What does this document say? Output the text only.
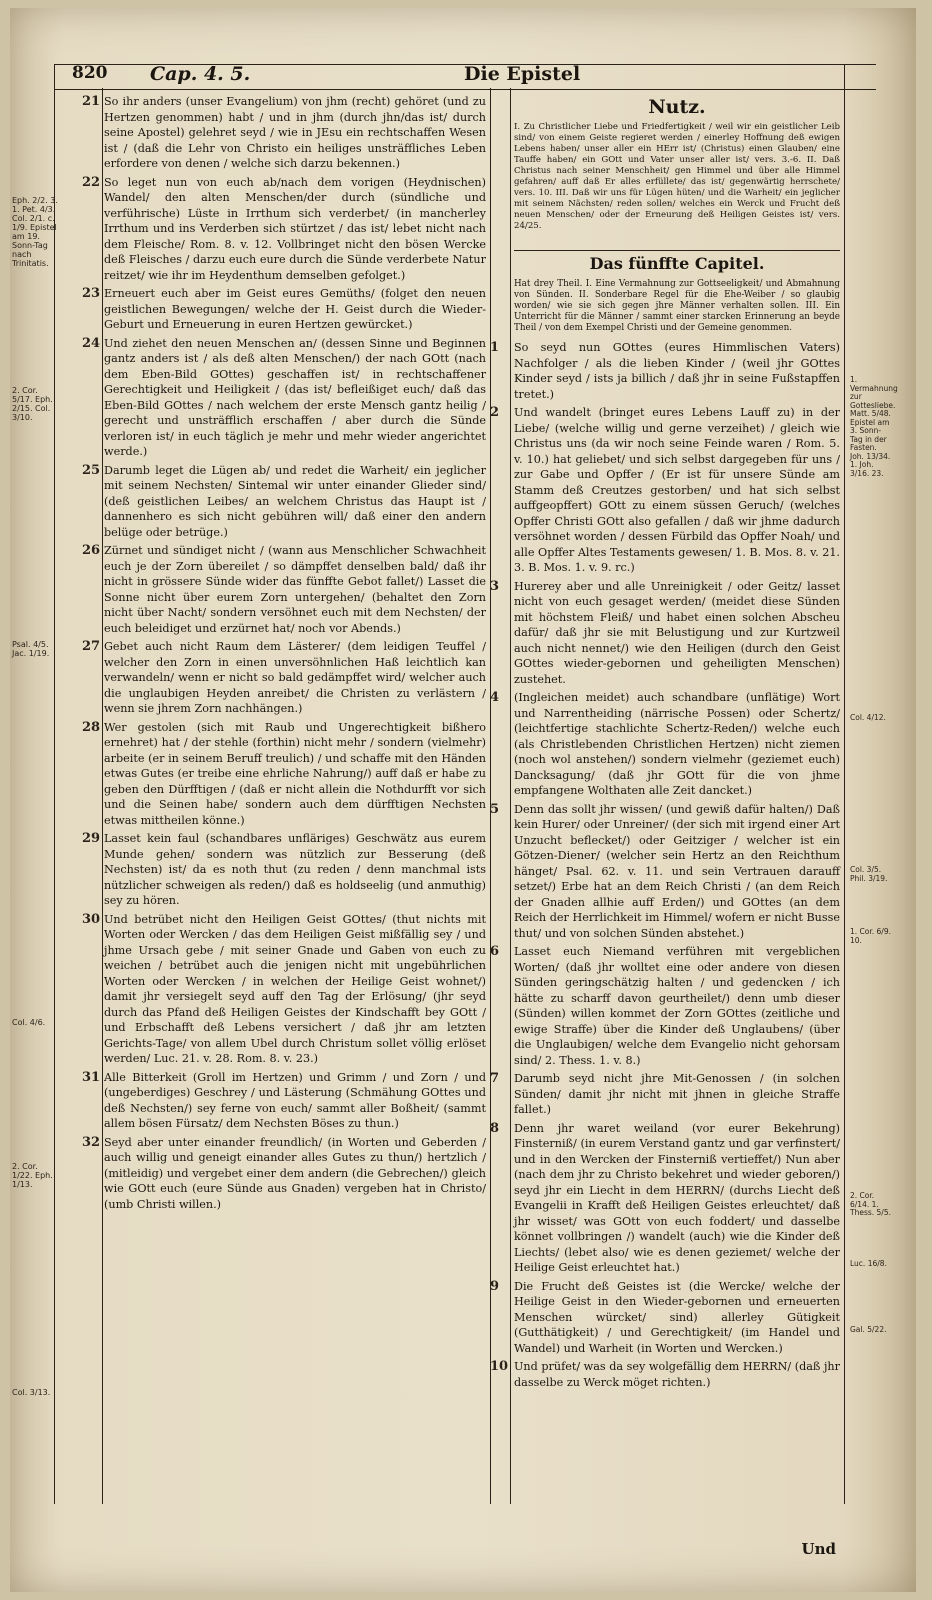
820 Cap. 4. 5.	Die Epistel
Eph. 2/2. 3. 1. Pet. 4/3. Col. 2/1. c. 1/9. Epistel am 19. Sonn-Tag nach Trinitatis.
2. Cor. 5/17. Eph. 2/15. Col. 3/10.
Psal. 4/5. Jac. 1/19.
Col. 4/6.
2. Cor. 1/22. Eph. 1/13.
Col. 3/13.
1. Vermahnung zur Gottesliebe. Matt. 5/48. Epistel am 3. Sonn-Tag in der Fasten. Joh. 13/34. 1. Joh. 3/16. 23.
Col. 4/12.
Col. 3/5. Phil. 3/19.
1. Cor. 6/9. 10.
2. Cor. 6/14. 1. Thess. 5/5.
Luc. 16/8.
Gal. 5/22.
21 So ihr anders (unser Evangelium) von jhm (recht) gehöret (und zu Hertzen genommen) habt / und in jhm (durch jhn/das ist/ durch seine Apostel) gelehret seyd / wie in JEsu ein rechtschaffen Wesen ist / (daß die Lehr von Christo ein heiliges unsträffliches Leben erfordere von denen / welche sich darzu bekennen.)
22 So leget nun von euch ab/nach dem vorigen (Heydnischen) Wandel/ den alten Menschen/der durch (sündliche und verführische) Lüste in Irrthum sich verderbet/ (in mancherley Irrthum und ins Verderben sich stürtzet / das ist/ lebet nicht nach dem Fleische/ Rom. 8. v. 12. Vollbringet nicht den bösen Wercke deß Fleisches / darzu euch eure durch die Sünde verderbete Natur reitzet/ wie ihr im Heydenthum demselben gefolget.)
23 Erneuert euch aber im Geist eures Gemüths/ (folget den neuen geistlichen Bewegungen/ welche der H. Geist durch die Wieder-Geburt und Erneuerung in euren Hertzen gewürcket.)
24 Und ziehet den neuen Menschen an/ (dessen Sinne und Beginnen gantz anders ist / als deß alten Menschen/) der nach GOtt (nach dem Eben-Bild GOttes) geschaffen ist/ in rechtschaffener Gerechtigkeit und Heiligkeit / (das ist/ befleißiget euch/ daß das Eben-Bild GOttes / nach welchem der erste Mensch gantz heilig / gerecht und unsträfflich erschaffen / aber durch die Sünde verloren ist/ in euch täglich je mehr und mehr wieder angerichtet werde.)
25 Darumb leget die Lügen ab/ und redet die Warheit/ ein jeglicher mit seinem Nechsten/ Sintemal wir unter einander Glieder sind/ (deß geistlichen Leibes/ an welchem Christus das Haupt ist / dannenhero es sich nicht gebühren will/ daß einer den andern belüge oder betrüge.)
26 Zürnet und sündiget nicht / (wann aus Menschlicher Schwachheit euch je der Zorn übereilet / so dämpffet denselben bald/ daß ihr nicht in grössere Sünde wider das fünffte Gebot fallet/) Lasset die Sonne nicht über eurem Zorn untergehen/ (behaltet den Zorn nicht über Nacht/ sondern versöhnet euch mit dem Nechsten/ der euch beleidiget und erzürnet hat/ noch vor Abends.)
27 Gebet auch nicht Raum dem Lästerer/ (dem leidigen Teuffel / welcher den Zorn in einen unversöhnlichen Haß leichtlich kan verwandeln/ wenn er nicht so bald gedämpffet wird/ welcher auch die unglaubigen Heyden anreibet/ die Christen zu verlästern / wenn sie jhrem Zorn nachhängen.)
28 Wer gestolen (sich mit Raub und Ungerechtigkeit bißhero ernehret) hat / der stehle (forthin) nicht mehr / sondern (vielmehr) arbeite (er in seinem Beruff treulich) / und schaffe mit den Händen etwas Gutes (er treibe eine ehrliche Nahrung/) auff daß er habe zu geben den Dürfftigen / (daß er nicht allein die Nothdurfft vor sich und die Seinen habe/ sondern auch dem dürfftigen Nechsten etwas mittheilen könne.)
29 Lasset kein faul (schandbares unfläriges) Geschwätz aus eurem Munde gehen/ sondern was nützlich zur Besserung (deß Nechsten) ist/ da es noth thut (zu reden / denn manchmal ists nützlicher schweigen als reden/) daß es holdseelig (und anmuthig) sey zu hören.
30 Und betrübet nicht den Heiligen Geist GOttes/ (thut nichts mit Worten oder Wercken / das dem Heiligen Geist mißfällig sey / und jhme Ursach gebe / mit seiner Gnade und Gaben von euch zu weichen / betrübet auch die jenigen nicht mit ungebührlichen Worten oder Wercken / in welchen der Heilige Geist wohnet/) damit jhr versiegelt seyd auff den Tag der Erlösung/ (jhr seyd durch das Pfand deß Heiligen Geistes der Kindschafft bey GOtt / und Erbschafft deß Lebens versichert / daß jhr am letzten Gerichts-Tage/ von allem Ubel durch Christum sollet völlig erlöset werden/ Luc. 21. v. 28. Rom. 8. v. 23.)
31 Alle Bitterkeit (Groll im Hertzen) und Grimm / und Zorn / und (ungeberdiges) Geschrey / und Lästerung (Schmähung GOttes und deß Nechsten/) sey ferne von euch/ sammt aller Boßheit/ (sammt allem bösen Fürsatz/ dem Nechsten Böses zu thun.)
32 Seyd aber unter einander freundlich/ (in Worten und Geberden / auch willig und geneigt einander alles Gutes zu thun/) hertzlich / (mitleidig) und vergebet einer dem andern (die Gebrechen/) gleich wie GOtt euch (eure Sünde aus Gnaden) vergeben hat in Christo/ (umb Christi willen.)
Nutz.
I. Zu Christlicher Liebe und Friedfertigkeit / weil wir ein geistlicher Leib sind/ von einem Geiste regieret werden / einerley Hoffnung deß ewigen Lebens haben/ unser aller ein HErr ist/ (Christus) einen Glauben/ eine Tauffe haben/ ein GOtt und Vater unser aller ist/ vers. 3.-6. II. Daß Christus nach seiner Menschheit/ gen Himmel und über alle Himmel gefahren/ auff daß Er alles erfüllete/ das ist/ gegenwärtig herrschete/ vers. 10. III. Daß wir uns für Lügen hüten/ und die Warheit/ ein jeglicher mit seinem Nächsten/ reden sollen/ welches ein Werck und Frucht deß neuen Menschen/ oder der Erneurung deß Heiligen Geistes ist/ vers. 24/25.
Das fünffte Capitel.
Hat drey Theil. I. Eine Vermahnung zur Gottseeligkeit/ und Abmahnung von Sünden. II. Sonderbare Regel für die Ehe-Weiber / so glaubig worden/ wie sie sich gegen jhre Männer verhalten sollen. III. Ein Unterricht für die Männer / sammt einer starcken Erinnerung an beyde Theil / von dem Exempel Christi und der Gemeine genommen.
1 So seyd nun GOttes (eures Himmlischen Vaters) Nachfolger / als die lieben Kinder / (weil jhr GOttes Kinder seyd / ists ja billich / daß jhr in seine Fußstapffen tretet.)
2 Und wandelt (bringet eures Lebens Lauff zu) in der Liebe/ (welche willig und gerne verzeihet) / gleich wie Christus uns (da wir noch seine Feinde waren / Rom. 5. v. 10.) hat geliebet/ und sich selbst dargegeben für uns / zur Gabe und Opffer / (Er ist für unsere Sünde am Stamm deß Creutzes gestorben/ und hat sich selbst auffgeopffert) GOtt zu einem süssen Geruch/ (welches Opffer Christi GOtt also gefallen / daß wir jhme dadurch versöhnet worden / dessen Fürbild das Opffer Noah/ und alle Opffer Altes Testaments gewesen/ 1. B. Mos. 8. v. 21. 3. B. Mos. 1. v. 9. rc.)
3 Hurerey aber und alle Unreinigkeit / oder Geitz/ lasset nicht von euch gesaget werden/ (meidet diese Sünden mit höchstem Fleiß/ und habet einen solchen Abscheu dafür/ daß jhr sie mit Belustigung und zur Kurtzweil auch nicht nennet/) wie den Heiligen (durch den Geist GOttes wieder-gebornen und geheiligten Menschen) zustehet.
4 (Ingleichen meidet) auch schandbare (unflätige) Wort und Narrentheiding (närrische Possen) oder Schertz/ (leichtfertige stachlichte Schertz-Reden/) welche euch (als Christlebenden Christlichen Hertzen) nicht ziemen (noch wol anstehen/) sondern vielmehr (geziemet euch) Dancksagung/ (daß jhr GOtt für die von jhme empfangene Wolthaten alle Zeit dancket.)
5 Denn das sollt jhr wissen/ (und gewiß dafür halten/) Daß kein Hurer/ oder Unreiner/ (der sich mit irgend einer Art Unzucht beflecket/) oder Geitziger / welcher ist ein Götzen-Diener/ (welcher sein Hertz an den Reichthum hänget/ Psal. 62. v. 11. und sein Vertrauen darauff setzet/) Erbe hat an dem Reich Christi / (an dem Reich der Gnaden allhie auff Erden/) und GOttes (an dem Reich der Herrlichkeit im Himmel/ wofern er nicht Busse thut/ und von solchen Sünden abstehet.)
6 Lasset euch Niemand verführen mit vergeblichen Worten/ (daß jhr wolltet eine oder andere von diesen Sünden geringschätzig halten / und gedencken / ich hätte zu scharff davon geurtheilet/) denn umb dieser (Sünden) willen kommet der Zorn GOttes (zeitliche und ewige Straffe) über die Kinder deß Unglaubens/ (über die Unglaubigen/ welche dem Evangelio nicht gehorsam sind/ 2. Thess. 1. v. 8.)
7 Darumb seyd nicht jhre Mit-Genossen / (in solchen Sünden/ damit jhr nicht mit jhnen in gleiche Straffe fallet.)
8 Denn jhr waret weiland (vor eurer Bekehrung) Finsterniß/ (in eurem Verstand gantz und gar verfinstert/ und in den Wercken der Finsterniß vertieffet/) Nun aber (nach dem jhr zu Christo bekehret und wieder geboren/) seyd jhr ein Liecht in dem HERRN/ (durchs Liecht deß Evangelii in Krafft deß Heiligen Geistes erleuchtet/ daß jhr wisset/ was GOtt von euch foddert/ und dasselbe könnet vollbringen /) wandelt (auch) wie die Kinder deß Liechts/ (lebet also/ wie es denen geziemet/ welche der Heilige Geist erleuchtet hat.)
9 Die Frucht deß Geistes ist (die Wercke/ welche der Heilige Geist in den Wieder-gebornen und erneuerten Menschen würcket/ sind) allerley Gütigkeit (Gutthätigkeit) / und Gerechtigkeit/ (im Handel und Wandel) und Warheit (in Worten und Wercken.)
10 Und prüfet/ was da sey wolgefällig dem HERRN/ (daß jhr dasselbe zu Werck möget richten.)
Und
